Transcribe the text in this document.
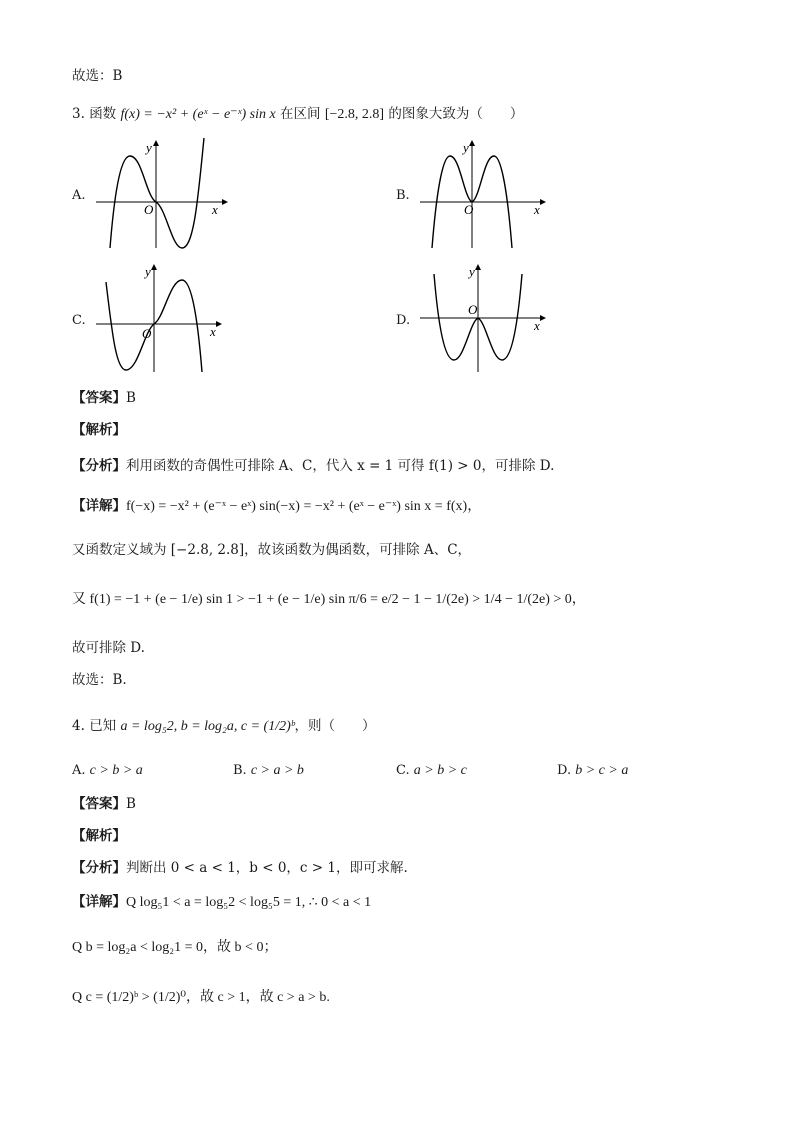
故选：B
3. 函数 f(x) = −x² + (eˣ − e⁻ˣ) sin x 在区间 [−2.8, 2.8] 的图象大致为（　　）
A.
O	x
y
B.
O	x
y
C.
O	x
y
D.
O
x
y
【答案】B
【解析】
【分析】利用函数的奇偶性可排除 A、C，代入 x = 1 可得 f(1) > 0，可排除 D.
【详解】f(−x) = −x² + (e⁻ˣ − eˣ) sin(−x) = −x² + (eˣ − e⁻ˣ) sin x = f(x)，
又函数定义域为 [−2.8, 2.8]，故该函数为偶函数，可排除 A、C，
又 f(1) = −1 + (e − 1/e) sin 1 > −1 + (e − 1/e) sin π/6 = e/2 − 1 − 1/(2e) > 1/4 − 1/(2e) > 0，
故可排除 D.
故选：B.
4. 已知 a = log₅2, b = log₂a, c = (1/2)ᵇ，则（　　）
A. c > b > a	B. c > a > b	C. a > b > c	D. b > c > a
【答案】B
【解析】
【分析】判断出 0 < a < 1，b < 0，c > 1，即可求解.
【详解】Q log₅1 < a = log₅2 < log₅5 = 1, ∴ 0 < a < 1
Q b = log₂a < log₂1 = 0，故 b < 0；
Q c = (1/2)ᵇ > (1/2)⁰，故 c > 1，故 c > a > b.
